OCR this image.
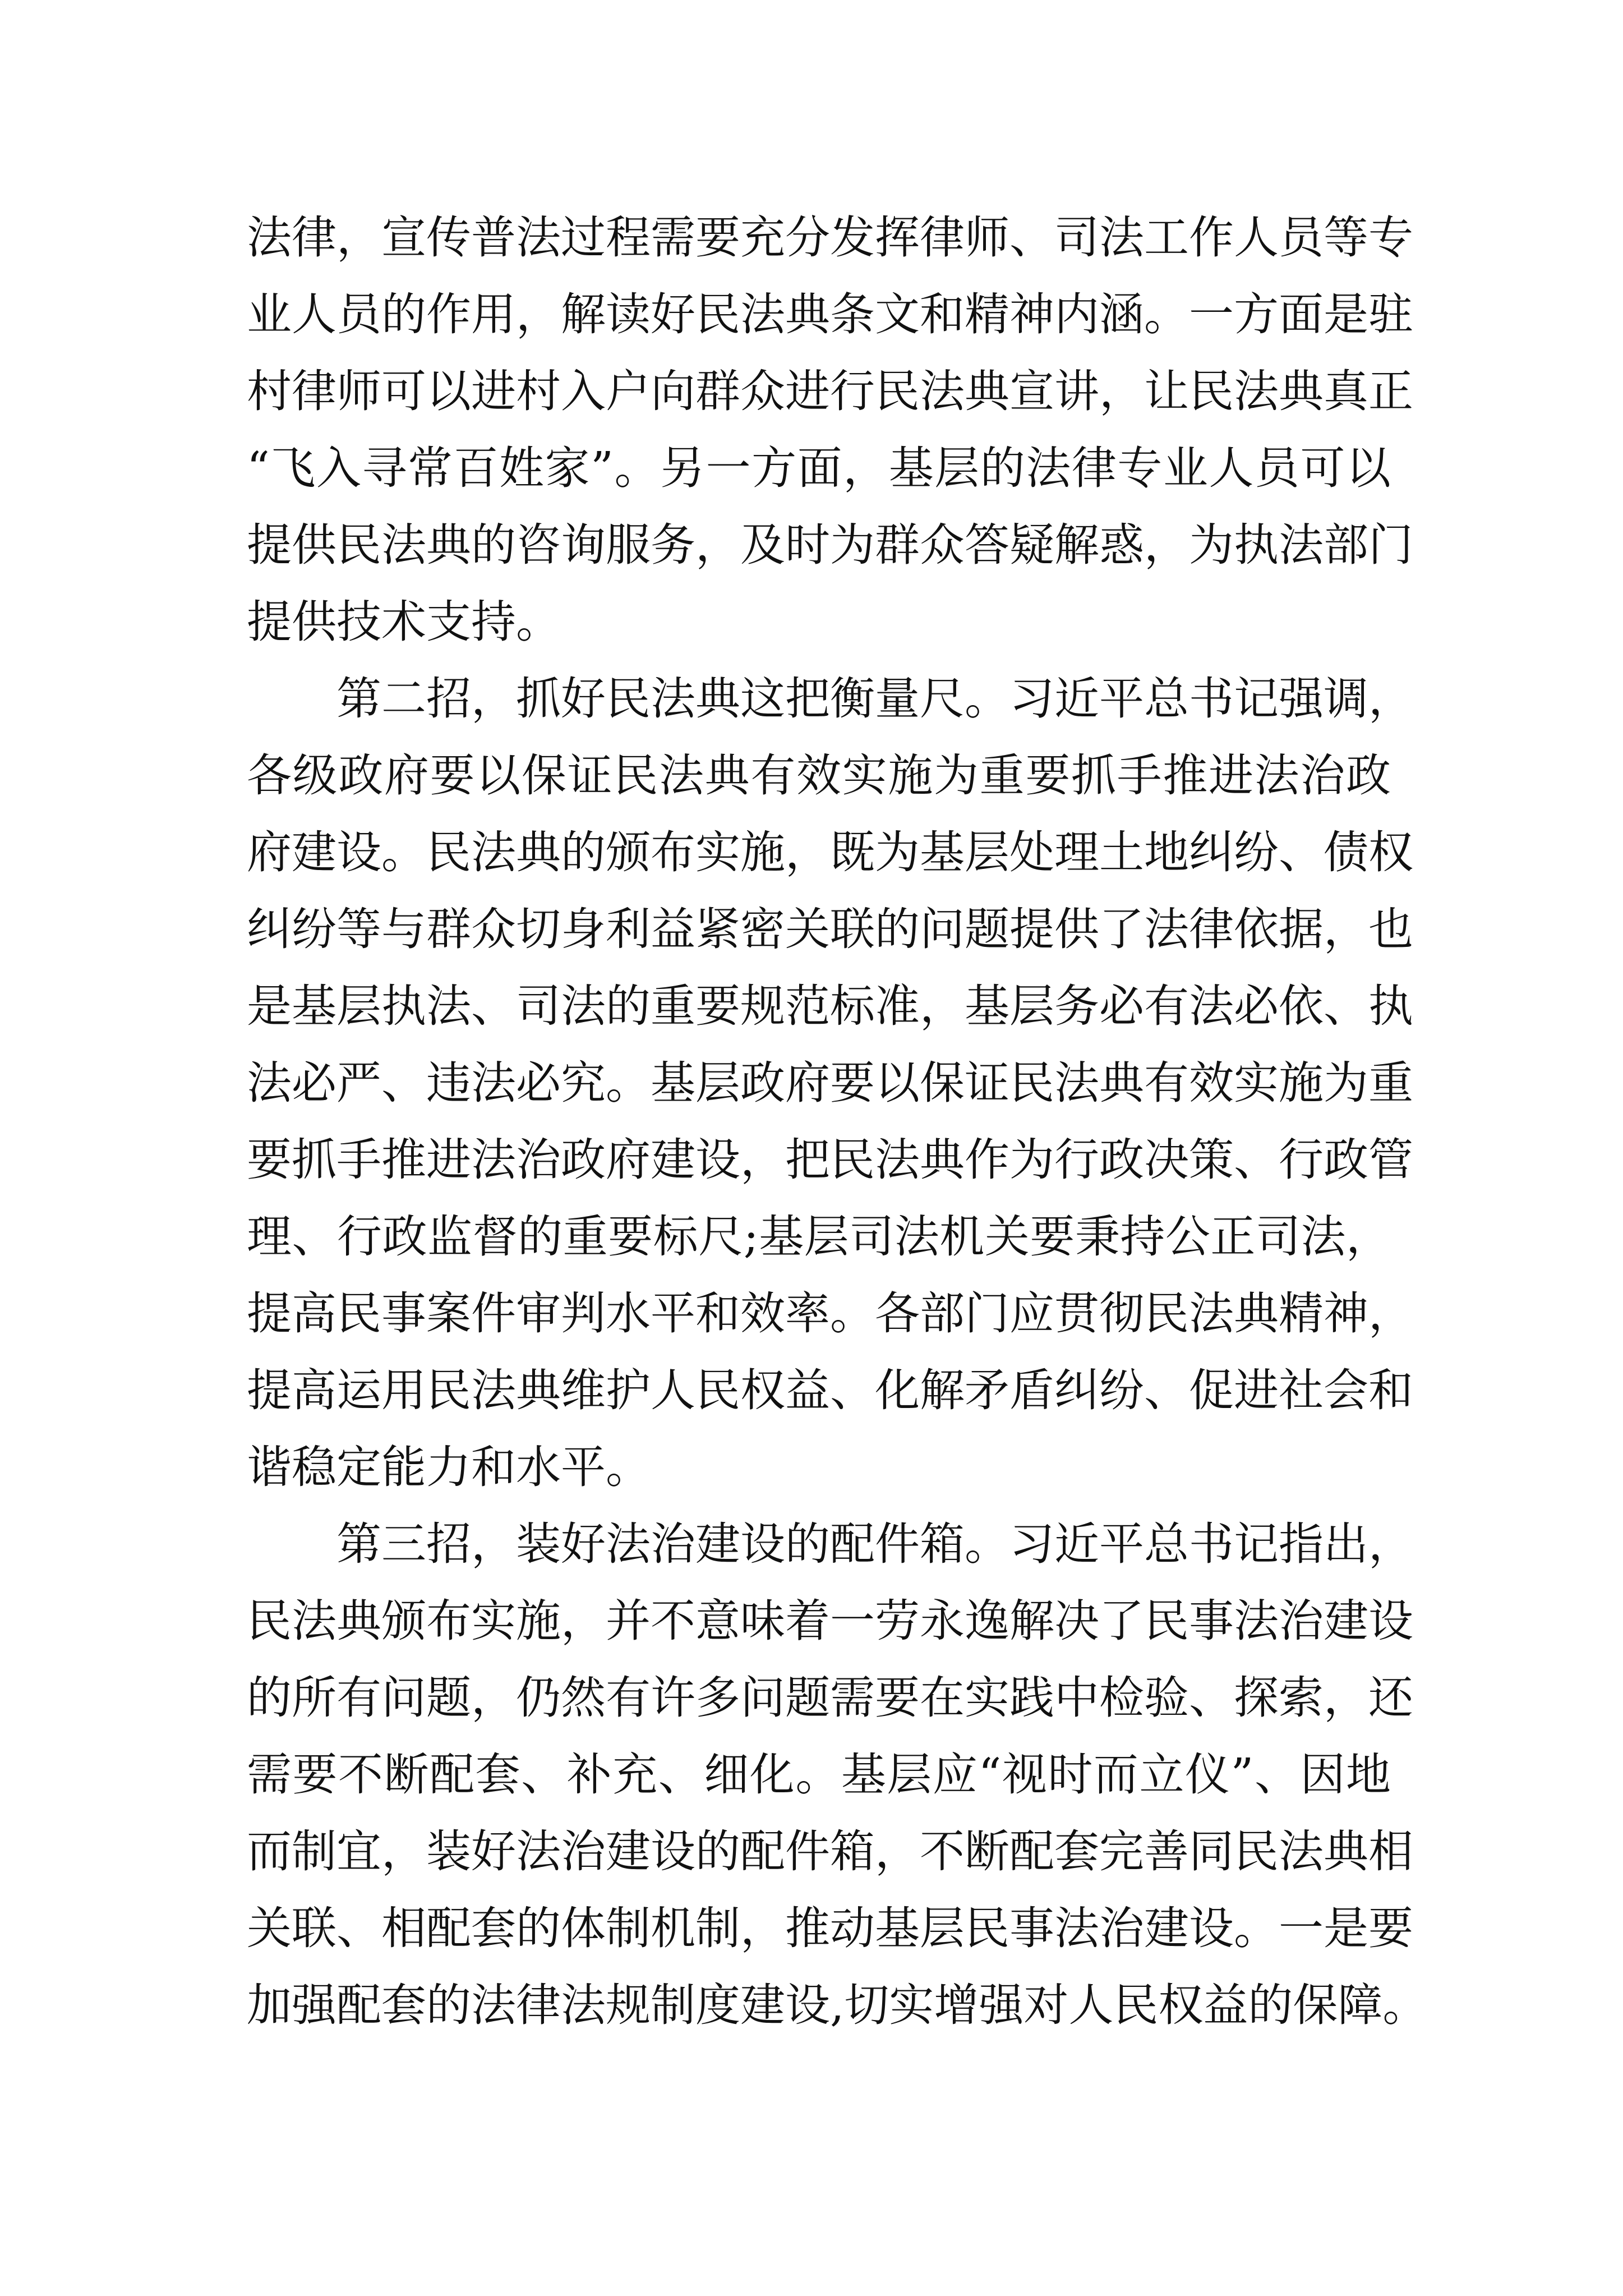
法律，宣传普法过程需要充分发挥律师、司法工作人员等专
业人员的作用，解读好民法典条文和精神内涵。一方面是驻
村律师可以进村入户向群众进行民法典宣讲，让民法典真正
“飞入寻常百姓家”。另一方面，基层的法律专业人员可以
提供民法典的咨询服务，及时为群众答疑解惑，为执法部门
提供技术支持。
第二招，抓好民法典这把衡量尺。习近平总书记强调，
各级政府要以保证民法典有效实施为重要抓手推进法治政
府建设。民法典的颁布实施，既为基层处理土地纠纷、债权
纠纷等与群众切身利益紧密关联的问题提供了法律依据，也
是基层执法、司法的重要规范标准，基层务必有法必依、执
法必严、违法必究。基层政府要以保证民法典有效实施为重
要抓手推进法治政府建设，把民法典作为行政决策、行政管
理、行政监督的重要标尺;基层司法机关要秉持公正司法，
提高民事案件审判水平和效率。各部门应贯彻民法典精神，
提高运用民法典维护人民权益、化解矛盾纠纷、促进社会和
谐稳定能力和水平。
第三招，装好法治建设的配件箱。习近平总书记指出，
民法典颁布实施，并不意味着一劳永逸解决了民事法治建设
的所有问题，仍然有许多问题需要在实践中检验、探索，还
需要不断配套、补充、细化。基层应“视时而立仪”、因地
而制宜，装好法治建设的配件箱，不断配套完善同民法典相
关联、相配套的体制机制，推动基层民事法治建设。一是要
加强配套的法律法规制度建设,切实增强对人民权益的保障。
